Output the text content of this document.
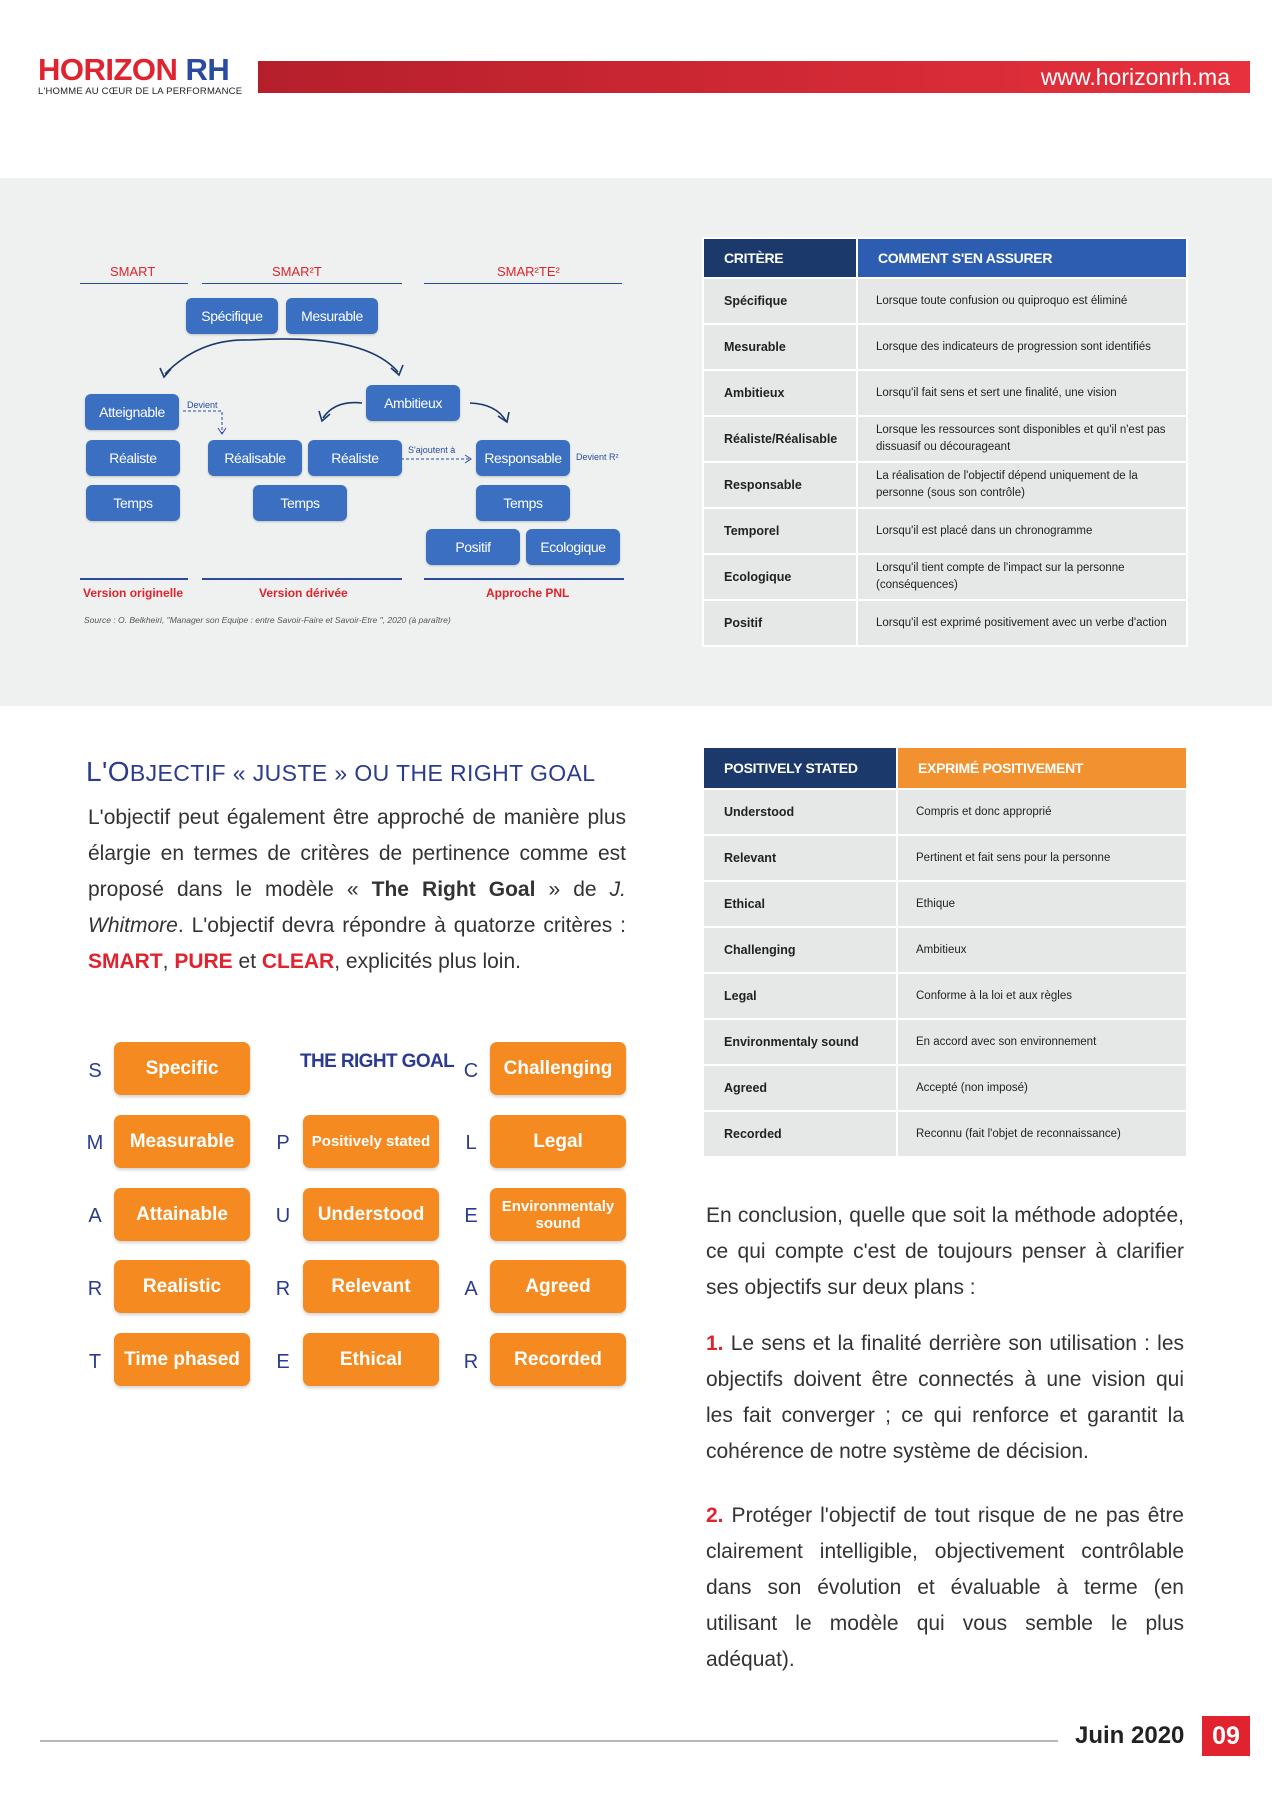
HORIZON RH
L'HOMME AU CŒUR DE LA PERFORMANCE
www.horizonrh.ma
SMART	SMAR²T	SMAR²TE²
Spécifique	Mesurable
Atteignable	Devient
Réaliste
Temps
Ambitieux
Réalisable	Réaliste	S'ajoutent à
Temps
Responsable	Devient R²
Temps
Positif	Ecologique
Version originelle	Version dérivée	Approche PNL
Source : O. Belkheiri, "Manager son Equipe : entre Savoir-Faire et Savoir-Etre ", 2020 (à paraître)
CRITÈRE	COMMENT S'EN ASSURER
Spécifique	Lorsque toute confusion ou quiproquo est éliminé
Mesurable	Lorsque des indicateurs de progression sont identifiés
Ambitieux	Lorsqu'il fait sens et sert une finalité, une vision
Réaliste/Réalisable	Lorsque les ressources sont disponibles et qu'il n'est pas dissuasif ou décourageant
Responsable	La réalisation de l'objectif dépend uniquement de la personne (sous son contrôle)
Temporel	Lorsqu'il est placé dans un chronogramme
Ecologique	Lorsqu'il tient compte de l'impact sur la personne (conséquences)
Positif	Lorsqu'il est exprimé positivement avec un verbe d'action
L'OBJECTIF « JUSTE » OU THE RIGHT GOAL
L'objectif peut également être approché de manière plus élargie en termes de critères de pertinence comme est proposé dans le modèle « The Right Goal » de J. Whitmore. L'objectif devra répondre à quatorze critères : SMART, PURE et CLEAR, explicités plus loin.
THE RIGHT GOAL
S	Specific
M	Measurable
A	Attainable
R	Realistic
T	Time phased
P	Positively stated
U	Understood
R	Relevant
E	Ethical
C	Challenging
L	Legal
E	Environmentaly sound
A	Agreed
R	Recorded
POSITIVELY STATED	EXPRIMÉ POSITIVEMENT
Understood	Compris et donc approprié
Relevant	Pertinent et fait sens pour la personne
Ethical	Ethique
Challenging	Ambitieux
Legal	Conforme à la loi et aux règles
Environmentaly sound	En accord avec son environnement
Agreed	Accepté (non imposé)
Recorded	Reconnu (fait l'objet de reconnaissance)
En conclusion, quelle que soit la méthode adoptée, ce qui compte c'est de toujours penser à clarifier ses objectifs sur deux plans :
1. Le sens et la finalité derrière son utilisation : les objectifs doivent être connectés à une vision qui les fait converger ; ce qui renforce et garantit la cohérence de notre système de décision.
2. Protéger l'objectif de tout risque de ne pas être clairement intelligible, objectivement contrôlable dans son évolution et évaluable à terme (en utilisant le modèle qui vous semble le plus adéquat).
Juin 2020	09
